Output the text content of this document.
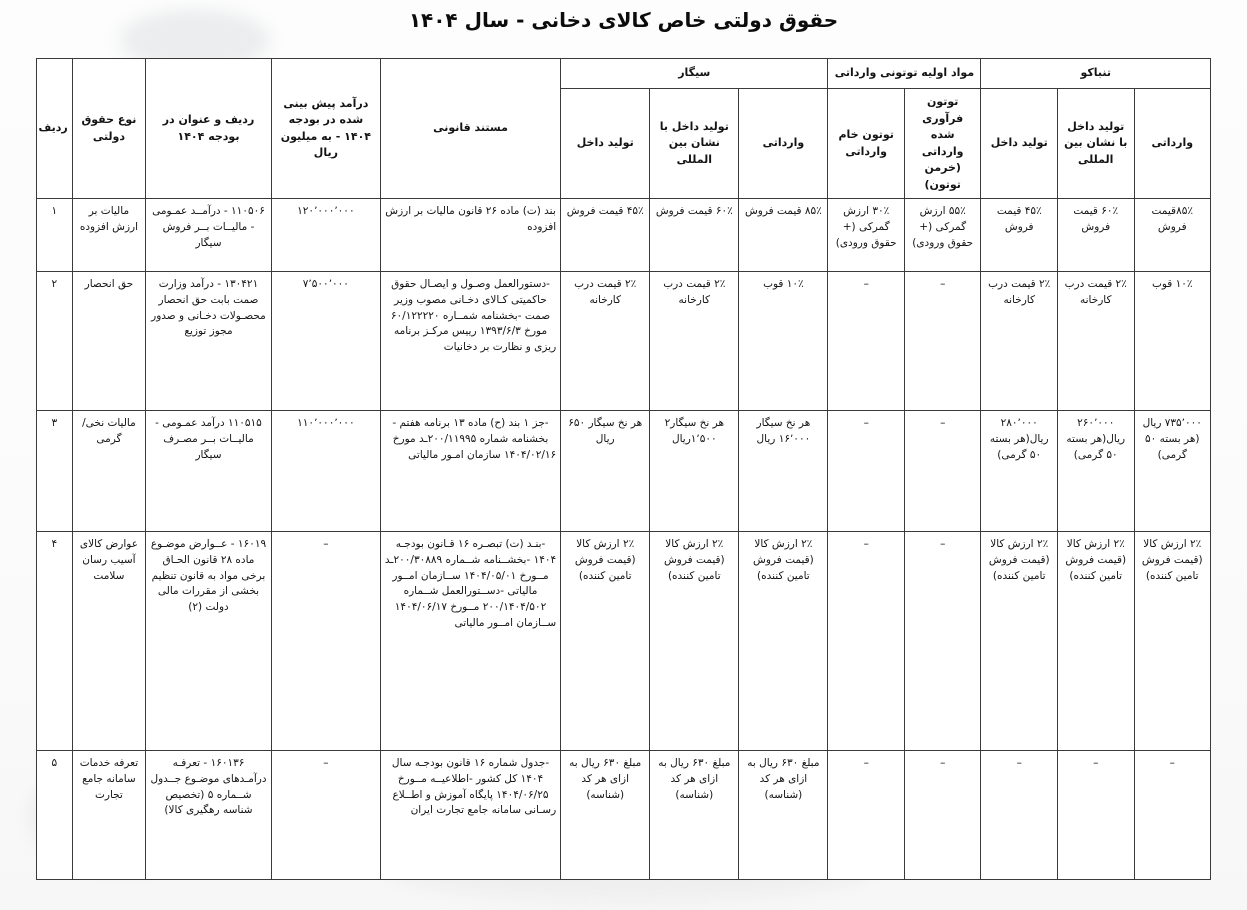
حقوق دولتی خاص کالای دخانی - سال ۱۴۰۴
تنباکو			مواد اولیه توتونی وارداتی		سیگار			مستند قانونی	درآمد پیش بینی شده در بودجه ۱۴۰۴ - به میلیون ریال	ردیف و عنوان در بودجه ۱۴۰۴	نوع حقوق دولتی	ردیف
وارداتی	تولید داخل با نشان بین المللی	تولید داخل	توتون فرآوری شده وارداتی (خرمن توتون)	توتون خام وارداتی	وارداتی	تولید داخل با نشان بین المللی	تولید داخل					
۸۵٪قیمت فروش	۶۰٪ قیمت فروش	۴۵٪ قیمت فروش	۵۵٪ ارزش گمرکی (+ حقوق ورودی)	۳۰٪ ارزش گمرکی (+ حقوق ورودی)	۸۵٪ قیمت فروش	۶۰٪ قیمت فروش	۴۵٪ قیمت فروش	بند (ت) ماده ۲۶ قانون مالیات بر ارزش افزوده	۱۲۰٬۰۰۰٬۰۰۰	۱۱۰۵۰۶ - درآمــد عمـومی - مالیــات بــر فروش سیگار	مالیات بر ارزش افزوده	۱
۱۰٪ قوب	۲٪ قیمت درب کارخانه	۲٪ قیمت درب کارخانه	–	–	۱۰٪ قوب	۲٪ قیمت درب کارخانه	۲٪ قیمت درب کارخانه	-دستورالعمل وصـول و ایصـال حقوق حاکمیتی کـالای دخـانی مصوب وزیر صمت -بخشنامه شمــاره ۶۰/۱۲۲۲۲۰ مورخ ۱۳۹۳/۶/۳ رییس مرکـز برنامه ریزی و نظارت بر دخانیات	۷٬۵۰۰٬۰۰۰	۱۳۰۴۲۱ - درآمد وزارت صمت بابت حق انحصار محصـولات دخـانی و صدور مجوز توزیع	حق انحصار	۲
۷۳۵٬۰۰۰ ریال (هر بسته ۵۰ گرمی)	۲۶۰٬۰۰۰ ریال(هر بسته ۵۰ گرمی)	۲۸۰٬۰۰۰ ریال(هر بسته ۵۰ گرمی)	–	–	هر نخ سیگار ۱۶٬۰۰۰ ریال	هر نخ سیگار۲ ۱٬۵۰۰ریال	هر نخ سیگار ۶۵۰ ریال	-جز ۱ بند (ح) ماده ۱۳ برنامه هفتم - بخشنامه شماره ۲۰۰/۱۱۹۹۵ـد مورخ ۱۴۰۴/۰۲/۱۶ سازمان امـور مالیاتی	۱۱۰٬۰۰۰٬۰۰۰	۱۱۰۵۱۵ درآمد عمـومی - مالیــات بــر مصـرف سیگار	مالیات نخی/گرمی	۳
۲٪ ارزش کالا (قیمت فروش تامین کننده)	۲٪ ارزش کالا (قیمت فروش تامین کننده)	۲٪ ارزش کالا (قیمت فروش تامین کننده)	–	–	۲٪ ارزش کالا (قیمت فروش تامین کننده)	۲٪ ارزش کالا (قیمت فروش تامین کننده)	۲٪ ارزش کالا (قیمت فروش تامین کننده)	-بنـد (ت) تبصـره ۱۶ قـانون بودجـه ۱۴۰۴ -بخشــنامه شــماره ۲۰۰/۳۰۸۸۹ـد مــورخ ۱۴۰۴/۰۵/۰۱ ســازمان امــور مالیاتی -دســتورالعمل شــماره ۲۰۰/۱۴۰۴/۵۰۲ مــورخ ۱۴۰۴/۰۶/۱۷ ســازمان امــور مالیاتی	–	۱۶۰۱۹ - عــوارض موضـوع ماده ۲۸ قانون الحـاق برخی مواد به قانون تنظیم بخشی از مقررات مالی دولت (۲)	عوارض کالای آسیب رسان سلامت	۴
–	–	–	–	–	مبلغ ۶۳۰ ریال به ازای هر کد (شناسه)	مبلغ ۶۳۰ ریال به ازای هر کد (شناسه)	مبلغ ۶۳۰ ریال به ازای هر کد (شناسه)	-جدول شماره ۱۶ قانون بودجـه سال ۱۴۰۴ کل کشور -اطلاعیــه مــورخ ۱۴۰۴/۰۶/۲۵ پایگاه آموزش و اطــلاع رسـانی سامانه جامع تجارت ایران	–	۱۶۰۱۳۶ - تعرفـه درآمـدهای موضـوع جــدول شــماره ۵ (تخصیص شناسه رهگیری کالا)	تعرفه خدمات سامانه جامع تجارت	۵
